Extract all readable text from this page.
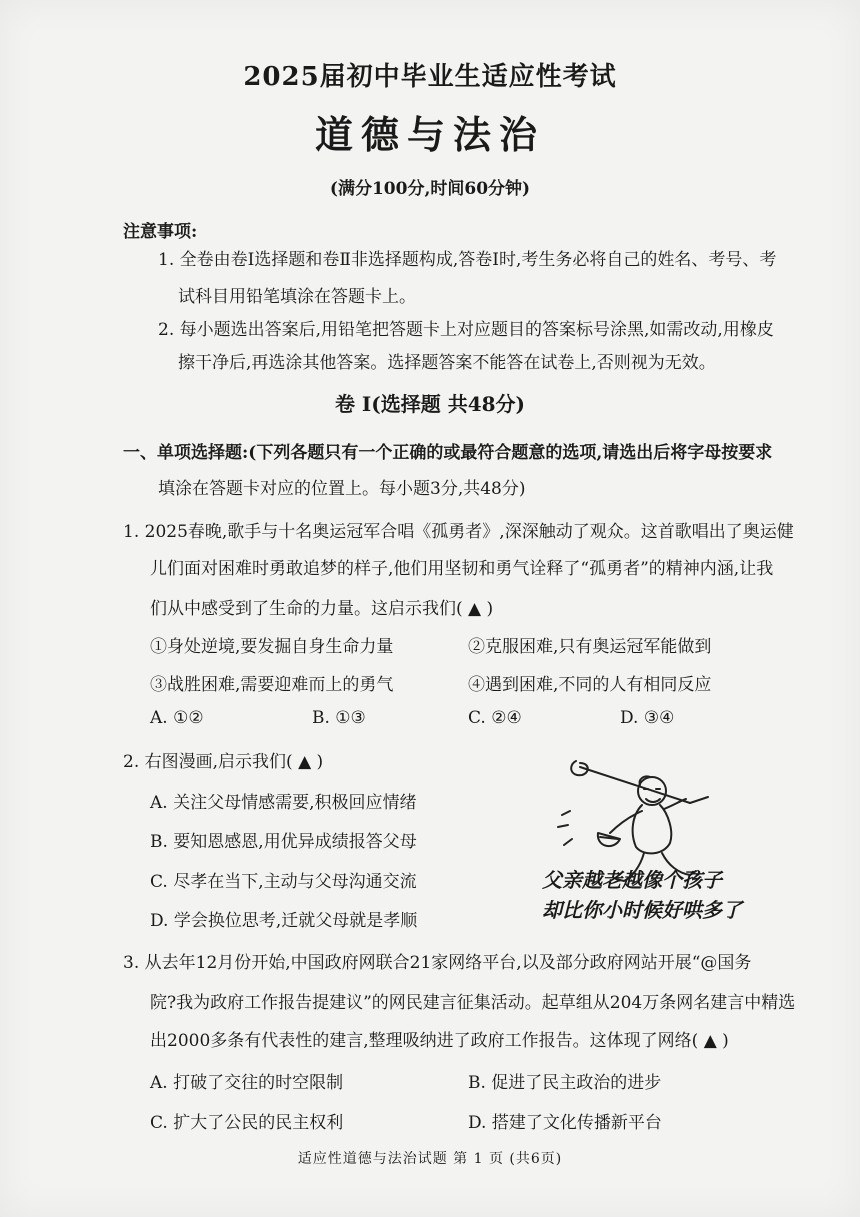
2025届初中毕业生适应性考试
道德与法治
(满分100分,时间60分钟)
注意事项:
1. 全卷由卷Ⅰ选择题和卷Ⅱ非选择题构成,答卷Ⅰ时,考生务必将自己的姓名、考号、考
试科目用铅笔填涂在答题卡上。
2. 每小题选出答案后,用铅笔把答题卡上对应题目的答案标号涂黑,如需改动,用橡皮
擦干净后,再选涂其他答案。选择题答案不能答在试卷上,否则视为无效。
卷 Ⅰ(选择题 共48分)
一、单项选择题:(下列各题只有一个正确的或最符合题意的选项,请选出后将字母按要求
填涂在答题卡对应的位置上。每小题3分,共48分)
1. 2025春晚,歌手与十名奥运冠军合唱《孤勇者》,深深触动了观众。这首歌唱出了奥运健
儿们面对困难时勇敢追梦的样子,他们用坚韧和勇气诠释了“孤勇者”的精神内涵,让我
们从中感受到了生命的力量。这启示我们( ▲ )
①身处逆境,要发掘自身生命力量	②克服困难,只有奥运冠军能做到
③战胜困难,需要迎难而上的勇气	④遇到困难,不同的人有相同反应
A. ①②	B. ①③	C. ②④	D. ③④
2. 右图漫画,启示我们( ▲ )
A. 关注父母情感需要,积极回应情绪
B. 要知恩感恩,用优异成绩报答父母
C. 尽孝在当下,主动与父母沟通交流
D. 学会换位思考,迁就父母就是孝顺
父亲越老越像个孩子
却比你小时候好哄多了
3. 从去年12月份开始,中国政府网联合21家网络平台,以及部分政府网站开展“@国务
院?我为政府工作报告提建议”的网民建言征集活动。起草组从204万条网名建言中精选
出2000多条有代表性的建言,整理吸纳进了政府工作报告。这体现了网络( ▲ )
A. 打破了交往的时空限制	B. 促进了民主政治的进步
C. 扩大了公民的民主权利	D. 搭建了文化传播新平台
适应性道德与法治试题 第 1 页 (共6页)
